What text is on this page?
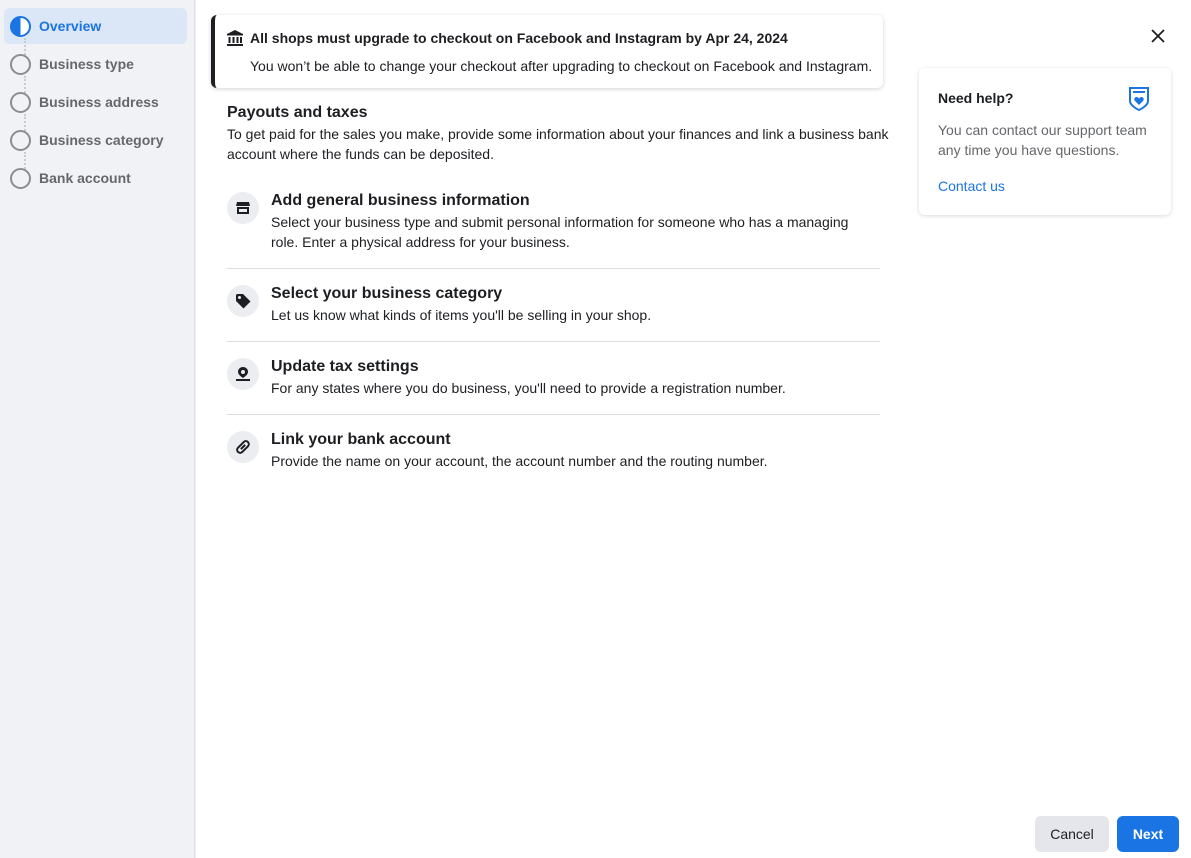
Overview
Business type
Business address
Business category
Bank account
All shops must upgrade to checkout on Facebook and Instagram by Apr 24, 2024
You won’t be able to change your checkout after upgrading to checkout on Facebook and Instagram.
Payouts and taxes
To get paid for the sales you make, provide some information about your finances and link a business bank account where the funds can be deposited.
Add general business information
Select your business type and submit personal information for someone who has a managing role. Enter a physical address for your business.
Select your business category
Let us know what kinds of items you'll be selling in your shop.
Update tax settings
For any states where you do business, you'll need to provide a registration number.
Link your bank account
Provide the name on your account, the account number and the routing number.
Need help?
You can contact our support team any time you have questions.
Contact us
Cancel	Next
